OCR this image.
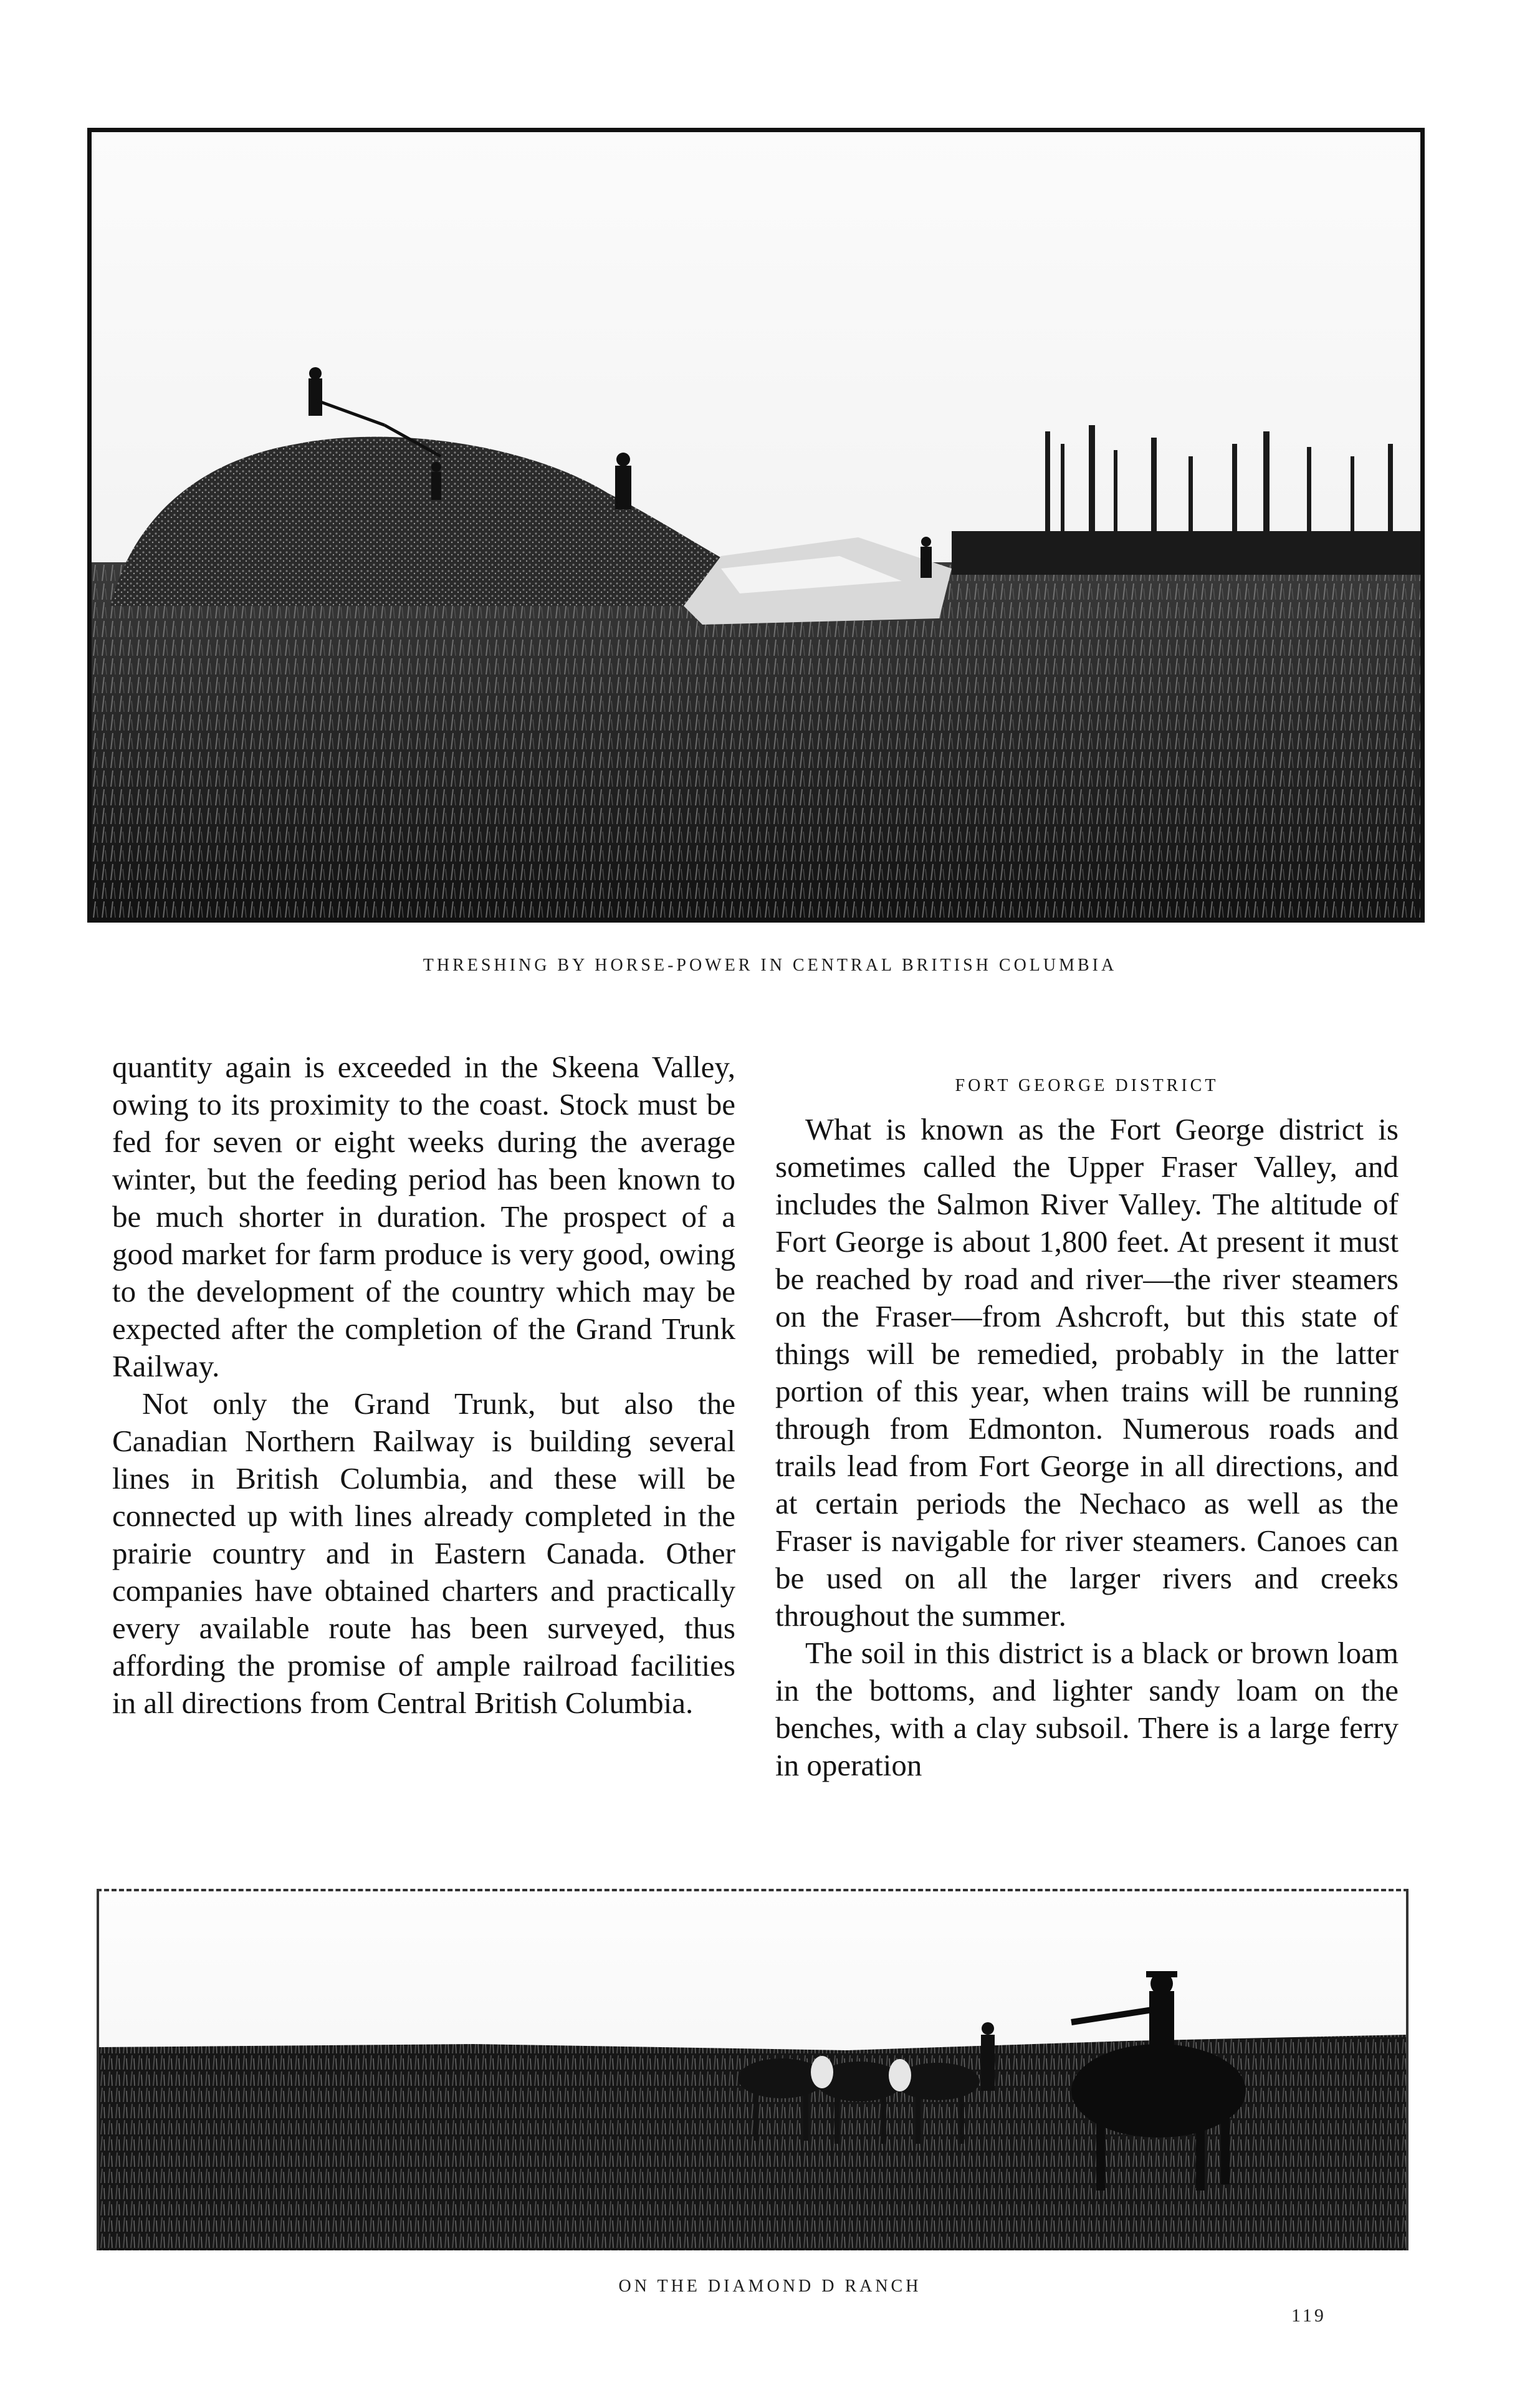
THRESHING BY HORSE-POWER IN CENTRAL BRITISH COLUMBIA

quantity again is exceeded in the Skeena Valley, owing to its proximity to the coast. Stock must be fed for seven or eight weeks during the average winter, but the feeding period has been known to be much shorter in duration. The prospect of a good market for farm produce is very good, owing to the development of the country which may be expected after the completion of the Grand Trunk Railway.

Not only the Grand Trunk, but also the Canadian Northern Railway is building several lines in British Columbia, and these will be connected up with lines already completed in the prairie country and in Eastern Canada. Other companies have obtained charters and practically every available route has been surveyed, thus affording the promise of ample railroad facilities in all directions from Central British Columbia.

FORT GEORGE DISTRICT

What is known as the Fort George district is sometimes called the Upper Fraser Valley, and includes the Salmon River Valley. The altitude of Fort George is about 1,800 feet. At present it must be reached by road and river—the river steamers on the Fraser—from Ashcroft, but this state of things will be remedied, probably in the latter portion of this year, when trains will be running through from Edmonton. Numerous roads and trails lead from Fort George in all directions, and at certain periods the Nechaco as well as the Fraser is navigable for river steamers. Canoes can be used on all the larger rivers and creeks throughout the summer.

The soil in this district is a black or brown loam in the bottoms, and lighter sandy loam on the benches, with a clay subsoil. There is a large ferry in operation

ON THE DIAMOND D RANCH
119
